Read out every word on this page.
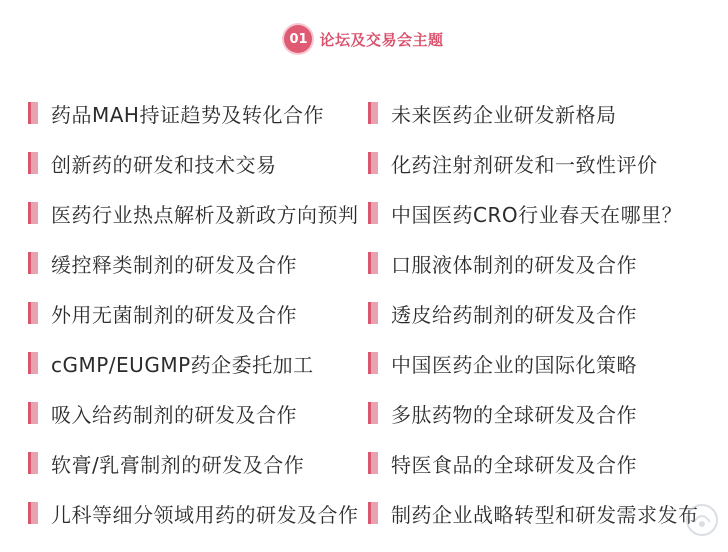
01 论坛及交易会主题
药品MAH持证趋势及转化合作	未来医药企业研发新格局
创新药的研发和技术交易	化药注射剂研发和一致性评价
医药行业热点解析及新政方向预判 中国医药CRO行业春天在哪里？
缓控释类制剂的研发及合作	口服液体制剂的研发及合作
外用无菌制剂的研发及合作	透皮给药制剂的研发及合作
cGMP/EUGMP药企委托加工	中国医药企业的国际化策略
吸入给药制剂的研发及合作	多肽药物的全球研发及合作
软膏/乳膏制剂的研发及合作	特医食品的全球研发及合作
儿科等细分领域用药的研发及合作 制药企业战略转型和研发需求发布
